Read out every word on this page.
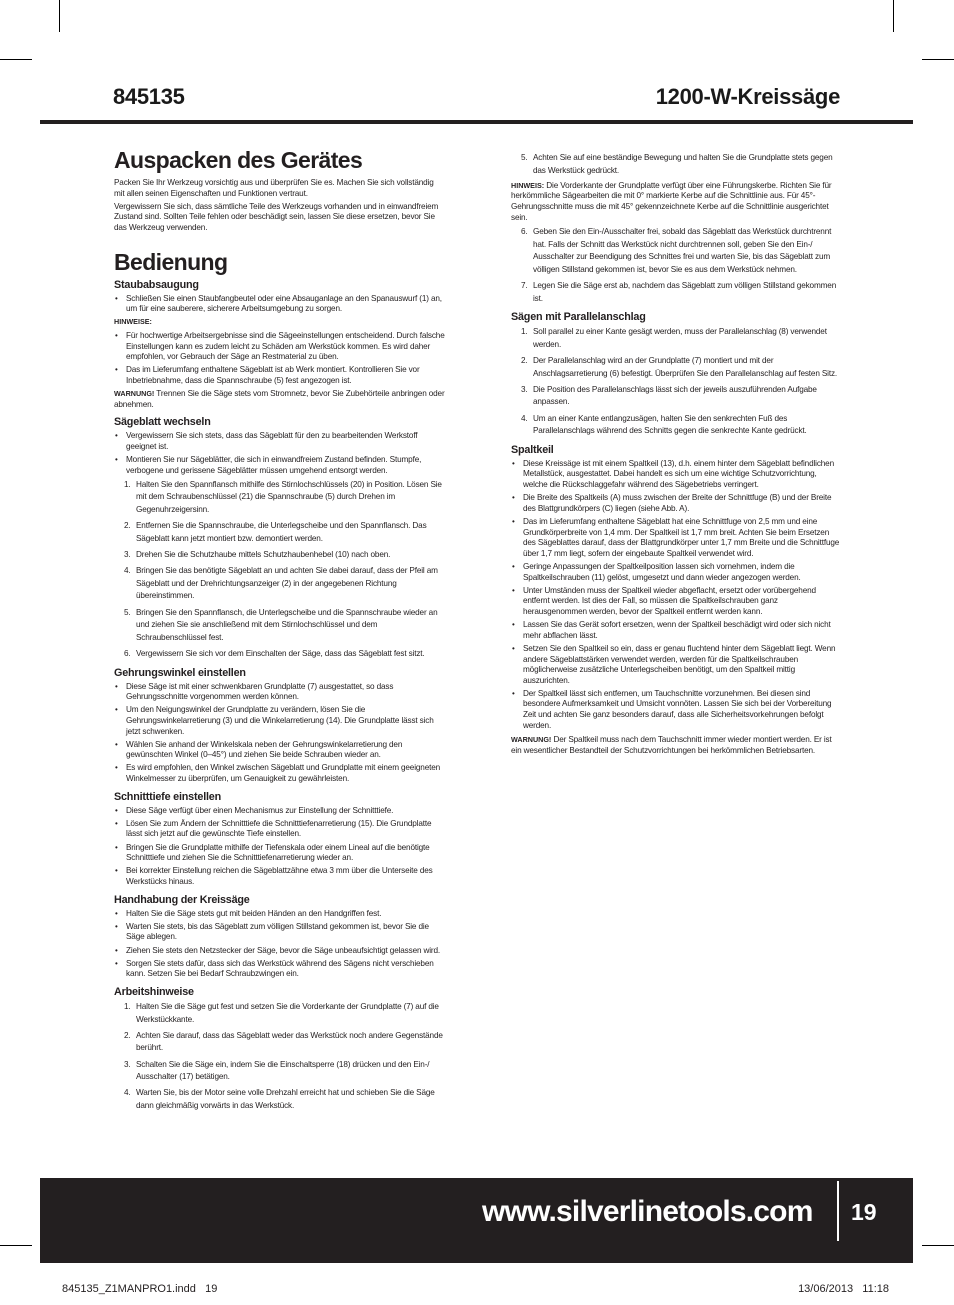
845135	1200-W-Kreissäge
Auspacken des Gerätes

Packen Sie Ihr Werkzeug vorsichtig aus und überprüfen Sie es. Machen Sie sich vollständig mit allen seinen Eigenschaften und Funktionen vertraut.

Vergewissern Sie sich, dass sämtliche Teile des Werkzeugs vorhanden und in einwandfreiem Zustand sind. Sollten Teile fehlen oder beschädigt sein, lassen Sie diese ersetzen, bevor Sie das Werkzeug verwenden.

Bedienung
Staubabsaugung
• Schließen Sie einen Staubfangbeutel oder eine Absauganlage an den Spanauswurf (1) an, um für eine sauberere, sicherere Arbeitsumgebung zu sorgen.

HINWEISE:

• Für hochwertige Arbeitsergebnisse sind die Sägeeinstellungen entscheidend. Durch falsche Einstellungen kann es zudem leicht zu Schäden am Werkstück kommen. Es wird daher empfohlen, vor Gebrauch der Säge an Restmaterial zu üben.
• Das im Lieferumfang enthaltene Sägeblatt ist ab Werk montiert. Kontrollieren Sie vor Inbetriebnahme, dass die Spannschraube (5) fest angezogen ist.

WARNUNG! Trennen Sie die Säge stets vom Stromnetz, bevor Sie Zubehörteile anbringen oder abnehmen.

Sägeblatt wechseln
• Vergewissern Sie sich stets, dass das Sägeblatt für den zu bearbeitenden Werkstoff geeignet ist.
• Montieren Sie nur Sägeblätter, die sich in einwandfreiem Zustand befinden. Stumpfe, verbogene und gerissene Sägeblätter müssen umgehend entsorgt werden.
1. Halten Sie den Spannflansch mithilfe des Stirnlochschlüssels (20) in Position. Lösen Sie mit dem Schraubenschlüssel (21) die Spannschraube (5) durch Drehen im Gegenuhrzeigersinn.
2. Entfernen Sie die Spannschraube, die Unterlegscheibe und den Spannflansch. Das Sägeblatt kann jetzt montiert bzw. demontiert werden.
3. Drehen Sie die Schutzhaube mittels Schutzhaubenhebel (10) nach oben.
4. Bringen Sie das benötigte Sägeblatt an und achten Sie dabei darauf, dass der Pfeil am Sägeblatt und der Drehrichtungsanzeiger (2) in der angegebenen Richtung übereinstimmen.
5. Bringen Sie den Spannflansch, die Unterlegscheibe und die Spannschraube wieder an und ziehen Sie sie anschließend mit dem Stirnlochschlüssel und dem Schraubenschlüssel fest.
6. Vergewissern Sie sich vor dem Einschalten der Säge, dass das Sägeblatt fest sitzt.
Gehrungswinkel einstellen
• Diese Säge ist mit einer schwenkbaren Grundplatte (7) ausgestattet, so dass Gehrungsschnitte vorgenommen werden können.
• Um den Neigungswinkel der Grundplatte zu verändern, lösen Sie die Gehrungswinkelarretierung (3) und die Winkelarretierung (14). Die Grundplatte lässt sich jetzt schwenken.
• Wählen Sie anhand der Winkelskala neben der Gehrungswinkelarretierung den gewünschten Winkel (0–45°) und ziehen Sie beide Schrauben wieder an.
• Es wird empfohlen, den Winkel zwischen Sägeblatt und Grundplatte mit einem geeigneten Winkelmesser zu überprüfen, um Genauigkeit zu gewährleisten.
Schnitttiefe einstellen
• Diese Säge verfügt über einen Mechanismus zur Einstellung der Schnitttiefe.
• Lösen Sie zum Ändern der Schnitttiefe die Schnitttiefenarretierung (15). Die Grundplatte lässt sich jetzt auf die gewünschte Tiefe einstellen.
• Bringen Sie die Grundplatte mithilfe der Tiefenskala oder einem Lineal auf die benötigte Schnitttiefe und ziehen Sie die Schnitttiefenarretierung wieder an.
• Bei korrekter Einstellung reichen die Sägeblattzähne etwa 3 mm über die Unterseite des Werkstücks hinaus.
Handhabung der Kreissäge
• Halten Sie die Säge stets gut mit beiden Händen an den Handgriffen fest.
• Warten Sie stets, bis das Sägeblatt zum völligen Stillstand gekommen ist, bevor Sie die Säge ablegen.
• Ziehen Sie stets den Netzstecker der Säge, bevor die Säge unbeaufsichtigt gelassen wird.
• Sorgen Sie stets dafür, dass sich das Werkstück während des Sägens nicht verschieben kann. Setzen Sie bei Bedarf Schraubzwingen ein.
Arbeitshinweise
1. Halten Sie die Säge gut fest und setzen Sie die Vorderkante der Grundplatte (7) auf die Werkstückkante.
2. Achten Sie darauf, dass das Sägeblatt weder das Werkstück noch andere Gegenstände berührt.
3. Schalten Sie die Säge ein, indem Sie die Einschaltsperre (18) drücken und den Ein-/ Ausschalter (17) betätigen.
4. Warten Sie, bis der Motor seine volle Drehzahl erreicht hat und schieben Sie die Säge dann gleichmäßig vorwärts in das Werkstück.
5. Achten Sie auf eine beständige Bewegung und halten Sie die Grundplatte stets gegen das Werkstück gedrückt.

HINWEIS: Die Vorderkante der Grundplatte verfügt über eine Führungskerbe. Richten Sie für herkömmliche Sägearbeiten die mit 0° markierte Kerbe auf die Schnittlinie aus. Für 45°-Gehrungsschnitte muss die mit 45° gekennzeichnete Kerbe auf die Schnittlinie ausgerichtet sein.

6. Geben Sie den Ein-/Ausschalter frei, sobald das Sägeblatt das Werkstück durchtrennt hat. Falls der Schnitt das Werkstück nicht durchtrennen soll, geben Sie den Ein-/ Ausschalter zur Beendigung des Schnittes frei und warten Sie, bis das Sägeblatt zum völligen Stillstand gekommen ist, bevor Sie es aus dem Werkstück nehmen.
7. Legen Sie die Säge erst ab, nachdem das Sägeblatt zum völligen Stillstand gekommen ist.
Sägen mit Parallelanschlag
1. Soll parallel zu einer Kante gesägt werden, muss der Parallelanschlag (8) verwendet werden.
2. Der Parallelanschlag wird an der Grundplatte (7) montiert und mit der Anschlagsarretierung (6) befestigt. Überprüfen Sie den Parallelanschlag auf festen Sitz.
3. Die Position des Parallelanschlags lässt sich der jeweils auszuführenden Aufgabe anpassen.
4. Um an einer Kante entlangzusägen, halten Sie den senkrechten Fuß des Parallelanschlags während des Schnitts gegen die senkrechte Kante gedrückt.
Spaltkeil
• Diese Kreissäge ist mit einem Spaltkeil (13), d.h. einem hinter dem Sägeblatt befindlichen Metallstück, ausgestattet. Dabei handelt es sich um eine wichtige Schutzvorrichtung, welche die Rückschlaggefahr während des Sägebetriebs verringert.
• Die Breite des Spaltkeils (A) muss zwischen der Breite der Schnittfuge (B) und der Breite des Blattgrundkörpers (C) liegen (siehe Abb. A).
• Das im Lieferumfang enthaltene Sägeblatt hat eine Schnittfuge von 2,5 mm und eine Grundkörperbreite von 1,4 mm. Der Spaltkeil ist 1,7 mm breit. Achten Sie beim Ersetzen des Sägeblattes darauf, dass der Blattgrundkörper unter 1,7 mm Breite und die Schnittfuge über 1,7 mm liegt, sofern der eingebaute Spaltkeil verwendet wird.
• Geringe Anpassungen der Spaltkeilposition lassen sich vornehmen, indem die Spaltkeilschrauben (11) gelöst, umgesetzt und dann wieder angezogen werden.
• Unter Umständen muss der Spaltkeil wieder abgeflacht, ersetzt oder vorübergehend entfernt werden. Ist dies der Fall, so müssen die Spaltkeilschrauben ganz herausgenommen werden, bevor der Spaltkeil entfernt werden kann.
• Lassen Sie das Gerät sofort ersetzen, wenn der Spaltkeil beschädigt wird oder sich nicht mehr abflachen lässt.
• Setzen Sie den Spaltkeil so ein, dass er genau fluchtend hinter dem Sägeblatt liegt. Wenn andere Sägeblattstärken verwendet werden, werden für die Spaltkeilschrauben möglicherweise zusätzliche Unterlegscheiben benötigt, um den Spaltkeil mittig auszurichten.
• Der Spaltkeil lässt sich entfernen, um Tauchschnitte vorzunehmen. Bei diesen sind besondere Aufmerksamkeit und Umsicht vonnöten. Lassen Sie sich bei der Vorbereitung Zeit und achten Sie ganz besonders darauf, dass alle Sicherheitsvorkehrungen befolgt werden.

WARNUNG! Der Spaltkeil muss nach dem Tauchschnitt immer wieder montiert werden. Er ist ein wesentlicher Bestandteil der Schutzvorrichtungen bei herkömmlichen Betriebsarten.

www.silverlinetools.com	19
845135_Z1MANPRO1.indd   19	13/06/2013   11:18
